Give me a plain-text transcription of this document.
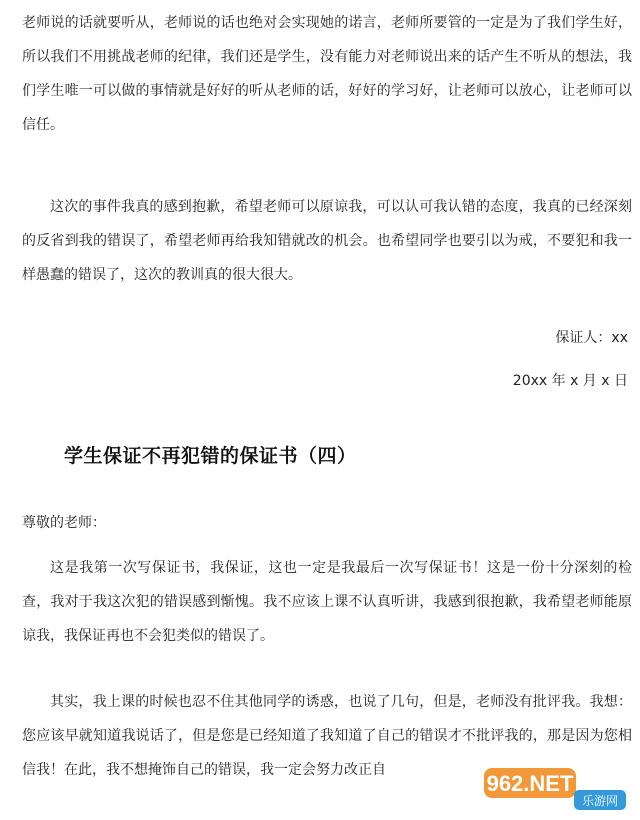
老师说的话就要听从，老师说的话也绝对会实现她的诺言，老师所要管的一定是为了我们学生好，所以我们不用挑战老师的纪律，我们还是学生，没有能力对老师说出来的话产生不听从的想法，我们学生唯一可以做的事情就是好好的听从老师的话，好好的学习好，让老师可以放心，让老师可以信任。

这次的事件我真的感到抱歉，希望老师可以原谅我，可以认可我认错的态度，我真的已经深刻的反省到我的错误了，希望老师再给我知错就改的机会。也希望同学也要引以为戒，不要犯和我一样愚蠢的错误了，这次的教训真的很大很大。

保证人：xx
20xx 年 x 月 x 日
学生保证不再犯错的保证书（四）
尊敬的老师：

这是我第一次写保证书，我保证，这也一定是我最后一次写保证书！这是一份十分深刻的检查，我对于我这次犯的错误感到惭愧。我不应该上课不认真听讲，我感到很抱歉，我希望老师能原谅我，我保证再也不会犯类似的错误了。

其实，我上课的时候也忍不住其他同学的诱惑，也说了几句，但是，老师没有批评我。我想：您应该早就知道我说话了，但是您是已经知道了我知道了自己的错误才不批评我的，那是因为您相信我！在此，我不想掩饰自己的错误，我一定会努力改正自

962.NET
乐游网
